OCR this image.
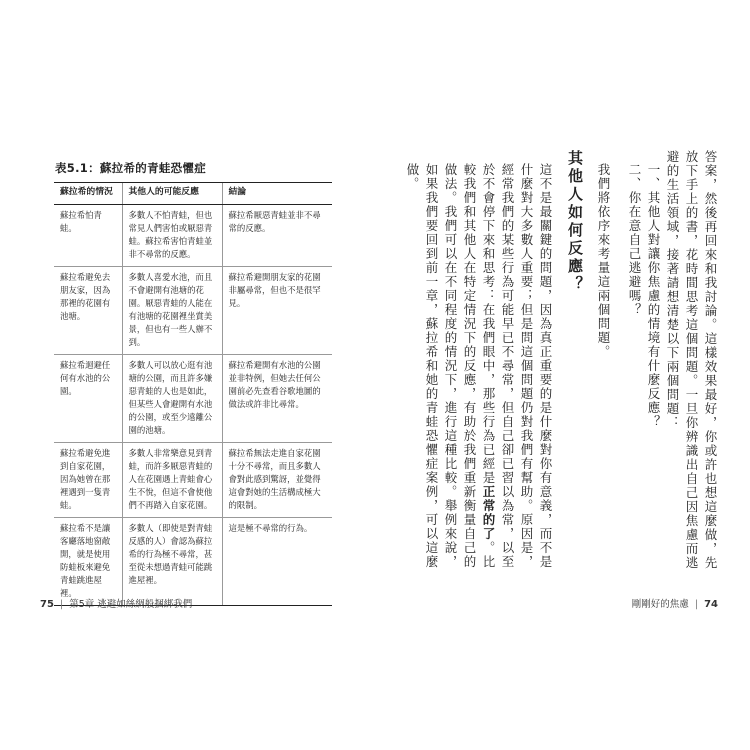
表5.1：蘇拉希的青蛙恐懼症
蘇拉希的情況	其他人的可能反應	結論
蘇拉希怕青蛙。	多數人不怕青蛙，但也常見人們害怕或厭惡青蛙。蘇拉希害怕青蛙並非不尋常的反應。	蘇拉希厭惡青蛙並非不尋常的反應。
蘇拉希避免去朋友家，因為那裡的花園有池塘。	多數人喜愛水池，而且不會避開有池塘的花園。厭惡青蛙的人能在有池塘的花園裡坐賞美景，但也有一些人辦不到。	蘇拉希避開朋友家的花園非屬尋常，但也不是很罕見。
蘇拉希迴避任何有水池的公園。	多數人可以放心逛有池塘的公園，而且許多嫌惡青蛙的人也是如此，但某些人會避開有水池的公園，或至少遠離公園的池塘。	蘇拉希避開有水池的公園並非特例，但她去任何公園前必先查看谷歌地圖的做法或許非比尋常。
蘇拉希避免進到自家花園，因為她曾在那裡遇到一隻青蛙。	多數人非常樂意見到青蛙，而許多厭惡青蛙的人在花園遇上青蛙會心生不悅，但這不會使他們不再踏入自家花園。	蘇拉希無法走進自家花園十分不尋常，而且多數人會對此感到驚訝，並覺得這會對她的生活構成極大的限制。
蘇拉希不是讓客廳落地窗敞開，就是使用防蛙板來避免青蛙跳進屋裡。	多數人（即使是對青蛙反感的人）會認為蘇拉希的行為極不尋常，甚至從未想過青蛙可能跳進屋裡。	這是極不尋常的行為。
75 | 第5章 逃避如絲綢般捆綁我們

答案，然後再回來和我討論。這樣效果最好，你或許也想這麼做，先放下手上的書，花時間思考這個問題。一旦你辨識出自己因焦慮而逃避的生活領域，接著請想清楚以下兩個問題：

一、其他人對讓你焦慮的情境有什麼反應？

二、你在意自己逃避嗎？

我們將依序來考量這兩個問題。

其他人如何反應？

這不是最關鍵的問題，因為真正重要的是什麼對你有意義，而不是什麼對大多數人重要；但是問這個問題仍對我們有幫助。原因是，經常我們的某些行為可能早已不尋常，但自己卻已習以為常，以至於不會停下來和思考：在我們眼中，那些行為已經是正常的了。比較我們和其他人在特定情況下的反應，有助於我們重新衡量自己的做法。我們可以在不同程度的情況下，進行這種比較。舉例來說，如果我們要回到前一章，蘇拉希和她的青蛙恐懼症案例，可以這麼做。

剛剛好的焦慮 | 74
